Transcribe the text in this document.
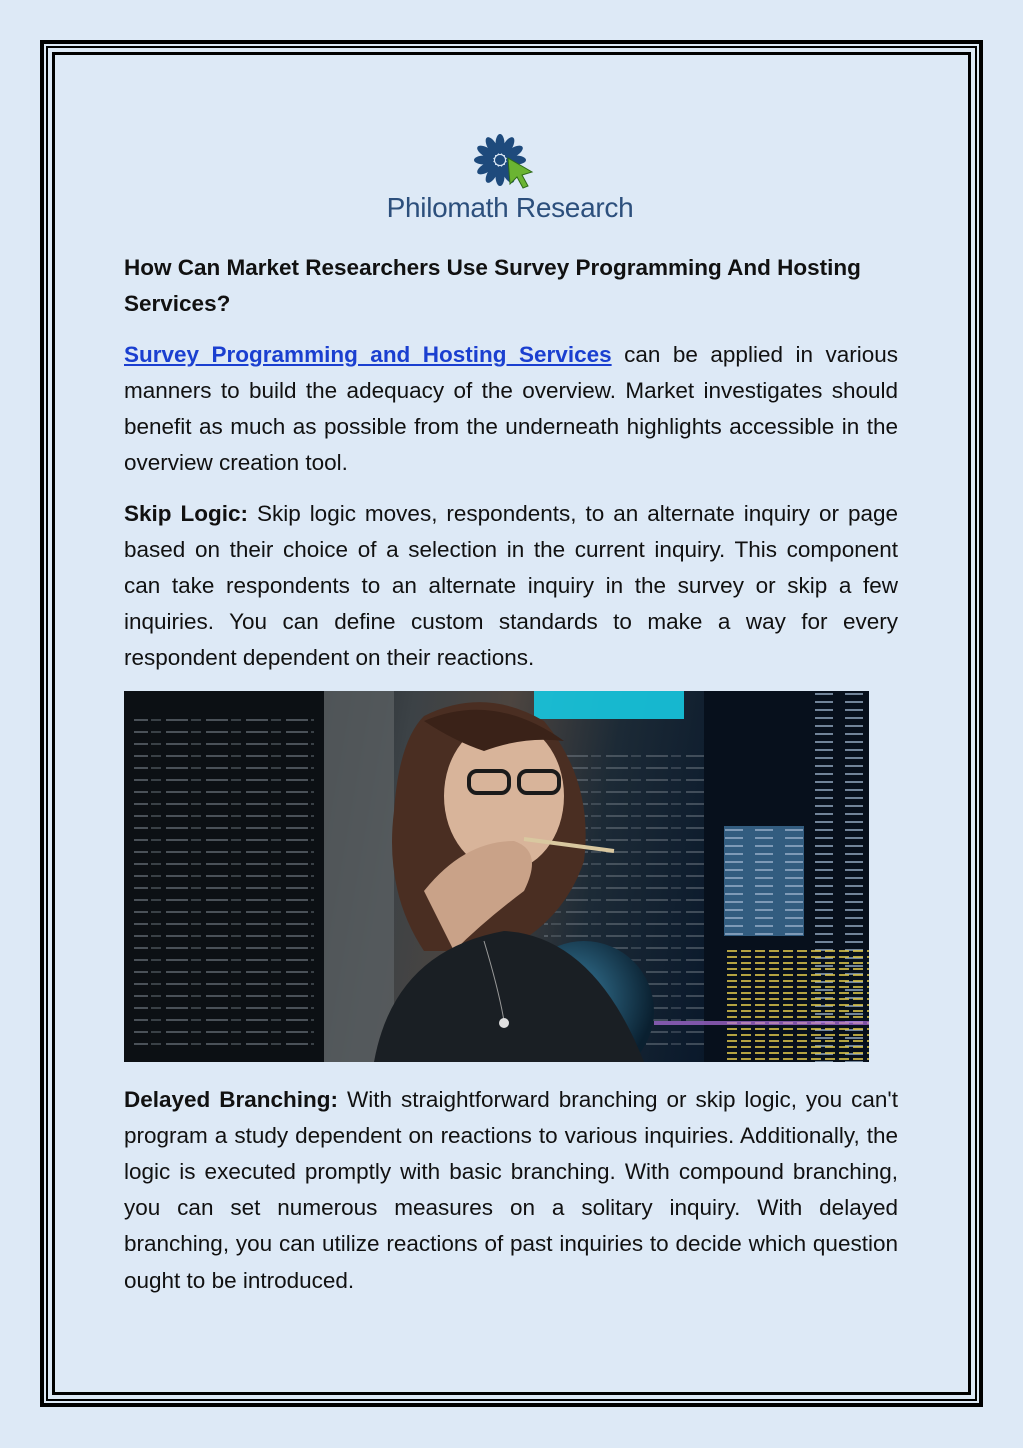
Philomath Research
How Can Market Researchers Use Survey Programming And Hosting Services?

Survey Programming and Hosting Services can be applied in various manners to build the adequacy of the overview. Market investigates should benefit as much as possible from the underneath highlights accessible in the overview creation tool.

Skip Logic: Skip logic moves, respondents, to an alternate inquiry or page based on their choice of a selection in the current inquiry. This component can take respondents to an alternate inquiry in the survey or skip a few inquiries. You can define custom standards to make a way for every respondent dependent on their reactions.

Delayed Branching: With straightforward branching or skip logic, you can't program a study dependent on reactions to various inquiries. Additionally, the logic is executed promptly with basic branching. With compound branching, you can set numerous measures on a solitary inquiry. With delayed branching, you can utilize reactions of past inquiries to decide which question ought to be introduced.
